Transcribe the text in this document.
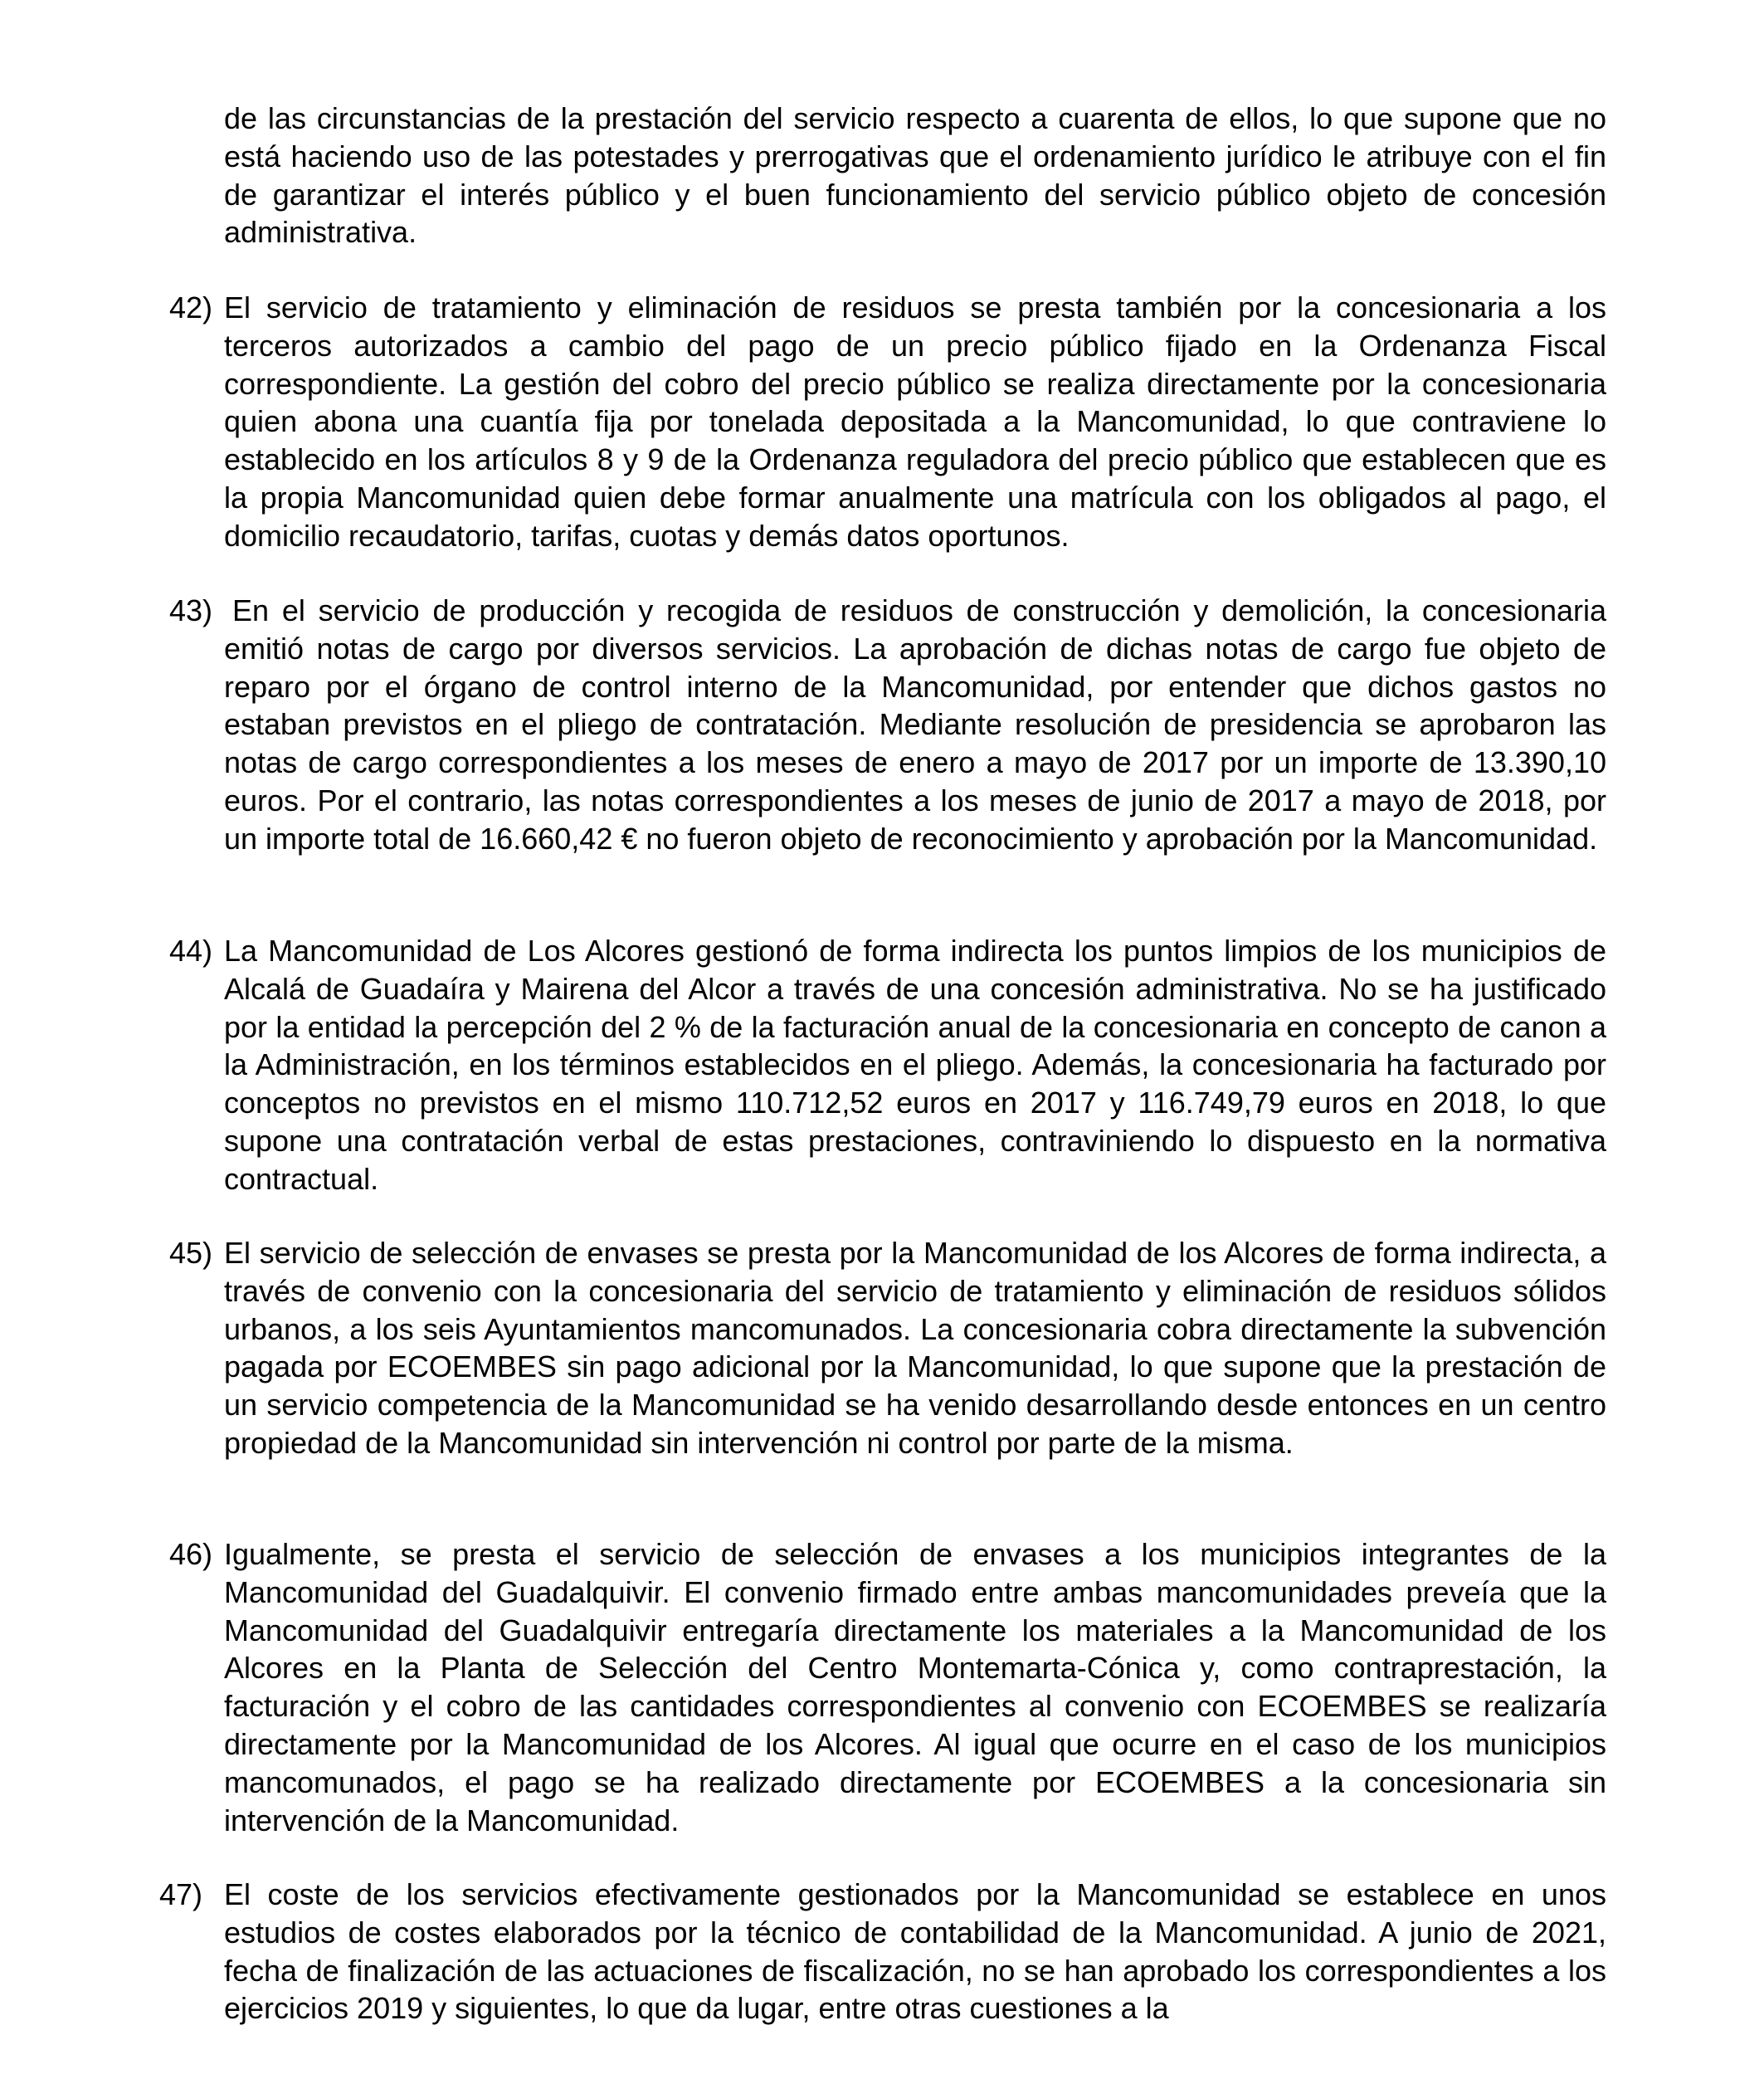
de las circunstancias de la prestación del servicio respecto a cuarenta de ellos, lo que supone que no está haciendo uso de las potestades y prerrogativas que el ordenamiento jurídico le atribuye con el fin de garantizar el interés público y el buen funcionamiento del servicio público objeto de concesión administrativa.

42) El servicio de tratamiento y eliminación de residuos se presta también por la concesionaria a los terceros autorizados a cambio del pago de un precio público fijado en la Ordenanza Fiscal correspondiente. La gestión del cobro del precio público se realiza directamente por la concesionaria quien abona una cuantía fija por tonelada depositada a la Mancomunidad, lo que contraviene lo establecido en los artículos 8 y 9 de la Ordenanza reguladora del precio público que establecen que es la propia Mancomunidad quien debe formar anualmente una matrícula con los obligados al pago, el domicilio recaudatorio, tarifas, cuotas y demás datos oportunos.

43) En el servicio de producción y recogida de residuos de construcción y demolición, la concesionaria emitió notas de cargo por diversos servicios. La aprobación de dichas notas de cargo fue objeto de reparo por el órgano de control interno de la Mancomunidad, por entender que dichos gastos no estaban previstos en el pliego de contratación. Mediante resolución de presidencia se aprobaron las notas de cargo correspondientes a los meses de enero a mayo de 2017 por un importe de 13.390,10 euros. Por el contrario, las notas correspondientes a los meses de junio de 2017 a mayo de 2018, por un importe total de 16.660,42 € no fueron objeto de reconocimiento y aprobación por la Mancomunidad.

44) La Mancomunidad de Los Alcores gestionó de forma indirecta los puntos limpios de los municipios de Alcalá de Guadaíra y Mairena del Alcor a través de una concesión administrativa. No se ha justificado por la entidad la percepción del 2 % de la facturación anual de la concesionaria en concepto de canon a la Administración, en los términos establecidos en el pliego. Además, la concesionaria ha facturado por conceptos no previstos en el mismo 110.712,52 euros en 2017 y 116.749,79 euros en 2018, lo que supone una contratación verbal de estas prestaciones, contraviniendo lo dispuesto en la normativa contractual.

45) El servicio de selección de envases se presta por la Mancomunidad de los Alcores de forma indirecta, a través de convenio con la concesionaria del servicio de tratamiento y eliminación de residuos sólidos urbanos, a los seis Ayuntamientos mancomunados. La concesionaria cobra directamente la subvención pagada por ECOEMBES sin pago adicional por la Mancomunidad, lo que supone que la prestación de un servicio competencia de la Mancomunidad se ha venido desarrollando desde entonces en un centro propiedad de la Mancomunidad sin intervención ni control por parte de la misma.

46) Igualmente, se presta el servicio de selección de envases a los municipios integrantes de la Mancomunidad del Guadalquivir. El convenio firmado entre ambas mancomunidades preveía que la Mancomunidad del Guadalquivir entregaría directamente los materiales a la Mancomunidad de los Alcores en la Planta de Selección del Centro Montemarta-Cónica y, como contraprestación, la facturación y el cobro de las cantidades correspondientes al convenio con ECOEMBES se realizaría directamente por la Mancomunidad de los Alcores. Al igual que ocurre en el caso de los municipios mancomunados, el pago se ha realizado directamente por ECOEMBES a la concesionaria sin intervención de la Mancomunidad.

47) El coste de los servicios efectivamente gestionados por la Mancomunidad se establece en unos estudios de costes elaborados por la técnico de contabilidad de la Mancomunidad. A junio de 2021, fecha de finalización de las actuaciones de fiscalización, no se han aprobado los correspondientes a los ejercicios 2019 y siguientes, lo que da lugar, entre otras cuestiones a la
